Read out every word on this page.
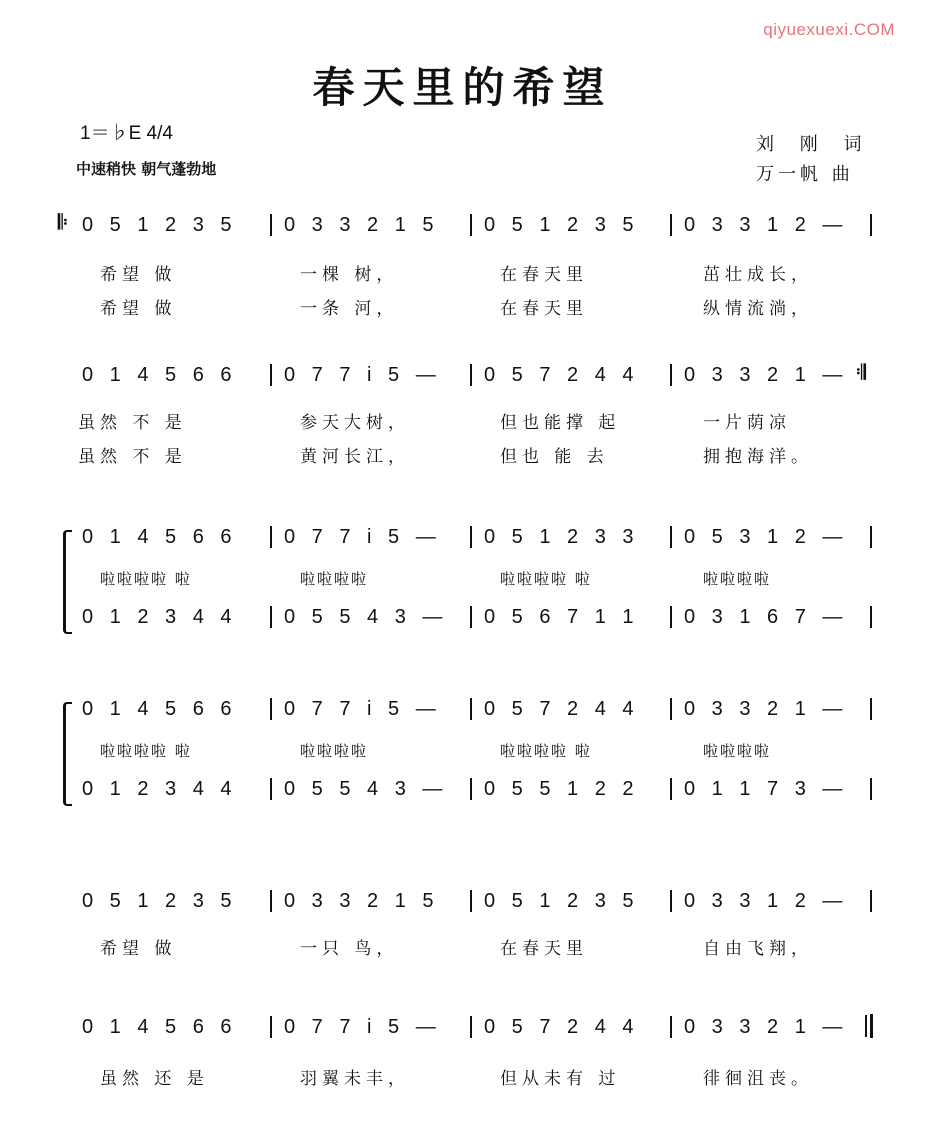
qiyuexuexi.COM
春天里的希望
1＝♭E 4/4
中速稍快 朝气蓬勃地
刘 刚 词
万一帆 曲
𝄆 0 5 1 2 3 5 0 3 3 2 1 5 0 5 1 2 3 5 0 3 3 1 2 —
希望 做	一棵 树，	在春天里	茁壮成长，
希望 做	一条 河，	在春天里	纵情流淌，
0 1 4 5 6 6 0 7 7 i 5 — 0 5 7 2 4 4 0 3 3 2 1 — 𝄇
虽然 不 是	参天大树，	但也能撑 起	一片荫凉
虽然 不 是	黄河长江，	但也 能 去	拥抱海洋。
0 1 4 5 6 6 0 7 7 i 5 — 0 5 1 2 3 3 0 5 3 1 2 —
啦啦啦啦 啦	啦啦啦啦	啦啦啦啦 啦	啦啦啦啦
0 1 2 3 4 4 0 5 5 4 3 — 0 5 6 7 1 1 0 3 1 6 7 —
0 1 4 5 6 6 0 7 7 i 5 — 0 5 7 2 4 4 0 3 3 2 1 —
啦啦啦啦 啦	啦啦啦啦	啦啦啦啦 啦	啦啦啦啦
0 1 2 3 4 4 0 5 5 4 3 — 0 5 5 1 2 2 0 1 1 7 3 —
0 5 1 2 3 5 0 3 3 2 1 5 0 5 1 2 3 5 0 3 3 1 2 —
希望 做	一只 鸟，	在春天里	自由飞翔，
0 1 4 5 6 6 0 7 7 i 5 — 0 5 7 2 4 4 0 3 3 2 1 —
虽然 还 是	羽翼未丰，	但从未有 过	徘徊沮丧。
